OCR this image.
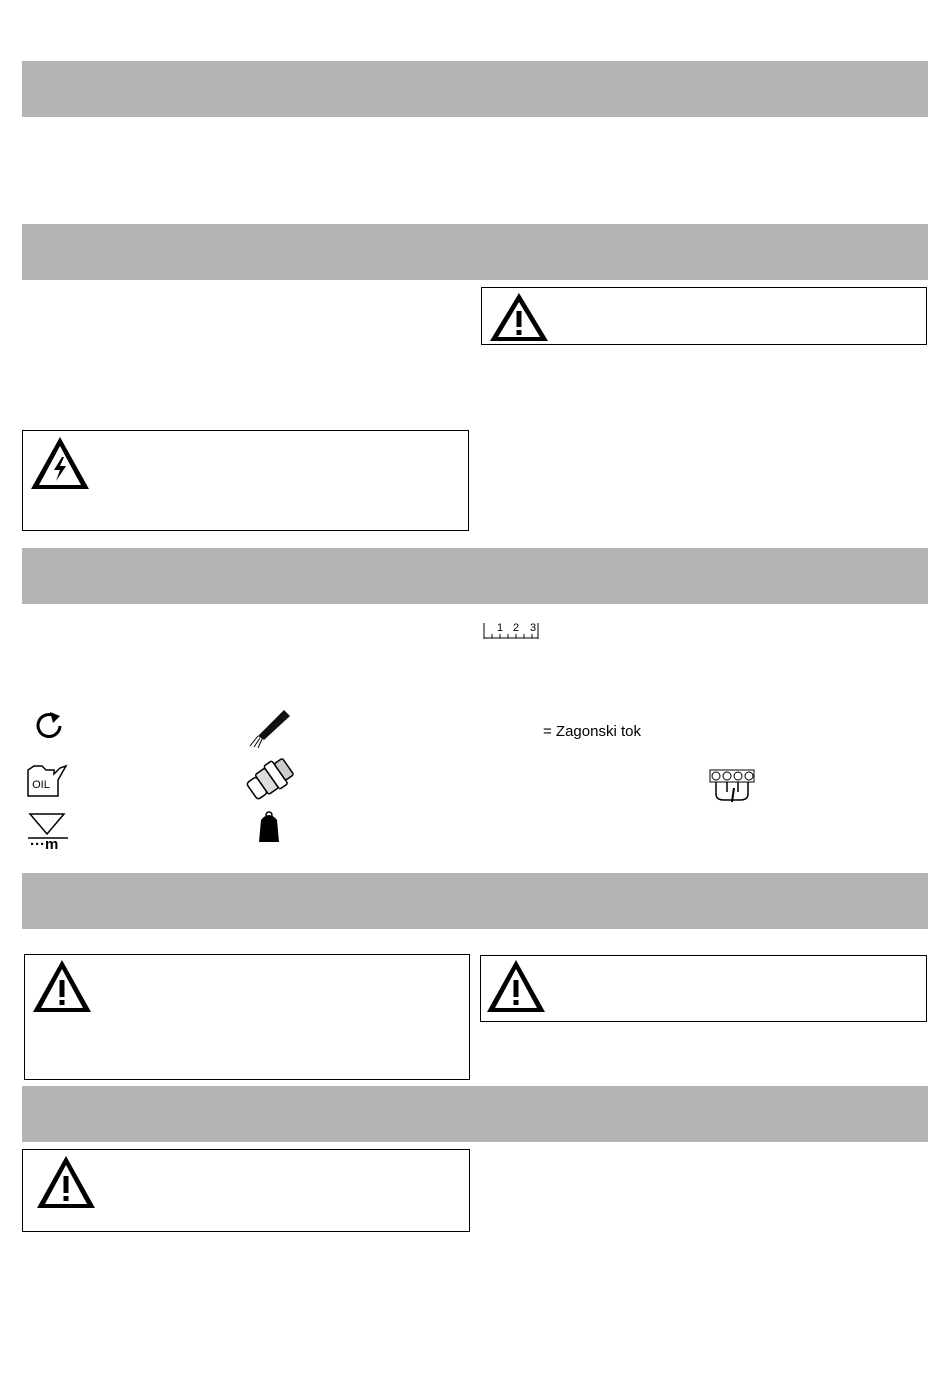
OIL
···m
1 2 3
= Zagonski tok
